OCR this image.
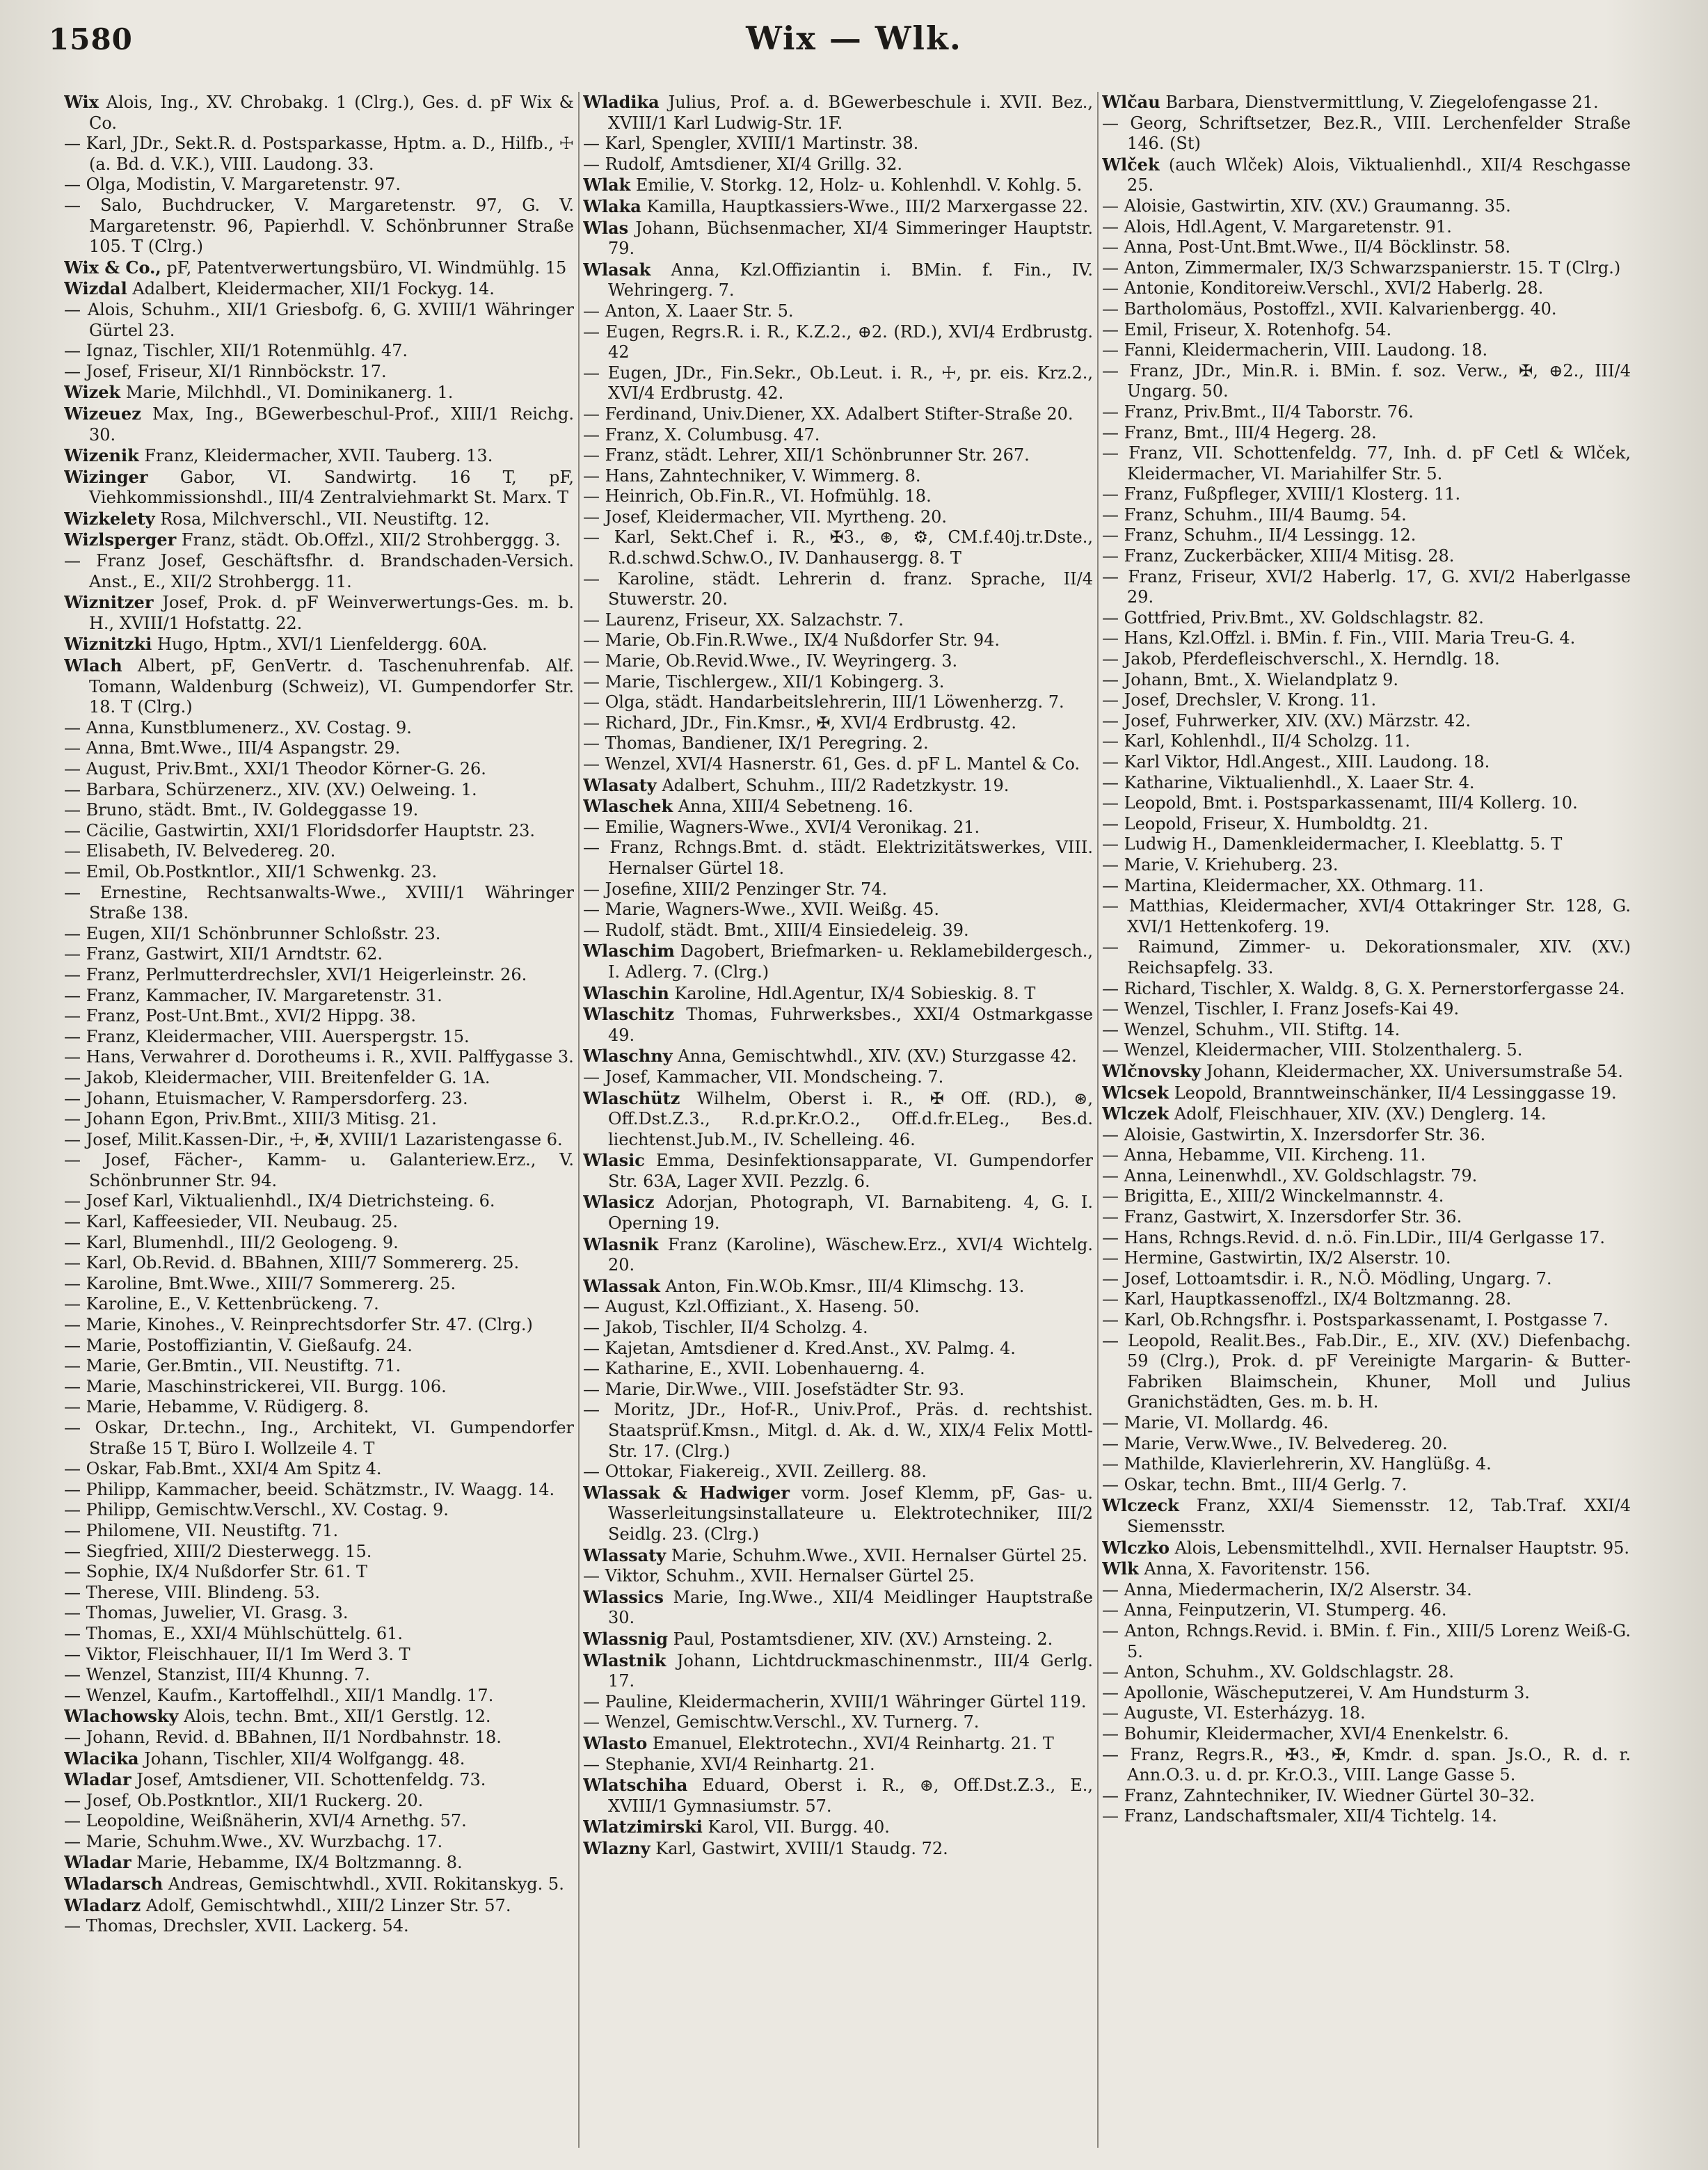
1580	Wix — Wlk.

Wix Alois, Ing., XV. Chrobakg. 1 (Clrg.), Ges. d. pF Wix & Co.

— Karl, JDr., Sekt.R. d. Postsparkasse, Hptm. a. D., Hilfb., ☩ (a. Bd. d. V.K.), VIII. Laudong. 33.

— Olga, Modistin, V. Margaretenstr. 97.

— Salo, Buchdrucker, V. Margaretenstr. 97, G. V. Margaretenstr. 96, Papierhdl. V. Schönbrunner Straße 105. T (Clrg.)

Wix & Co., pF, Patentverwertungsbüro, VI. Windmühlg. 15

Wizdal Adalbert, Kleidermacher, XII/1 Fockyg. 14.

— Alois, Schuhm., XII/1 Griesbofg. 6, G. XVIII/1 Währinger Gürtel 23.

— Ignaz, Tischler, XII/1 Rotenmühlg. 47.

— Josef, Friseur, XI/1 Rinnböckstr. 17.

Wizek Marie, Milchhdl., VI. Dominikanerg. 1.

Wizeuez Max, Ing., BGewerbeschul-Prof., XIII/1 Reichg. 30.

Wizenik Franz, Kleidermacher, XVII. Tauberg. 13.

Wizinger Gabor, VI. Sandwirtg. 16 T, pF, Viehkommissionshdl., III/4 Zentralviehmarkt St. Marx. T

Wizkelety Rosa, Milchverschl., VII. Neustiftg. 12.

Wizlsperger Franz, städt. Ob.Offzl., XII/2 Strohberggg. 3.

— Franz Josef, Geschäftsfhr. d. Brandschaden-Versich. Anst., E., XII/2 Strohbergg. 11.

Wiznitzer Josef, Prok. d. pF Weinverwertungs-Ges. m. b. H., XVIII/1 Hofstattg. 22.

Wiznitzki Hugo, Hptm., XVI/1 Lienfeldergg. 60A.

Wlach Albert, pF, GenVertr. d. Taschenuhrenfab. Alf. Tomann, Waldenburg (Schweiz), VI. Gumpendorfer Str. 18. T (Clrg.)

— Anna, Kunstblumenerz., XV. Costag. 9.

— Anna, Bmt.Wwe., III/4 Aspangstr. 29.

— August, Priv.Bmt., XXI/1 Theodor Körner-G. 26.

— Barbara, Schürzenerz., XIV. (XV.) Oelweing. 1.

— Bruno, städt. Bmt., IV. Goldeggasse 19.

— Cäcilie, Gastwirtin, XXI/1 Floridsdorfer Hauptstr. 23.

— Elisabeth, IV. Belvedereg. 20.

— Emil, Ob.Postkntlor., XII/1 Schwenkg. 23.

— Ernestine, Rechtsanwalts-Wwe., XVIII/1 Währinger Straße 138.

— Eugen, XII/1 Schönbrunner Schloßstr. 23.

— Franz, Gastwirt, XII/1 Arndtstr. 62.

— Franz, Perlmutterdrechsler, XVI/1 Heigerleinstr. 26.

— Franz, Kammacher, IV. Margaretenstr. 31.

— Franz, Post-Unt.Bmt., XVI/2 Hippg. 38.

— Franz, Kleidermacher, VIII. Auerspergstr. 15.

— Hans, Verwahrer d. Dorotheums i. R., XVII. Palffygasse 3.

— Jakob, Kleidermacher, VIII. Breitenfelder G. 1A.

— Johann, Etuismacher, V. Rampersdorferg. 23.

— Johann Egon, Priv.Bmt., XIII/3 Mitisg. 21.

— Josef, Milit.Kassen-Dir., ☩, ✠, XVIII/1 Lazaristengasse 6.

— Josef, Fächer-, Kamm- u. Galanteriew.Erz., V. Schönbrunner Str. 94.

— Josef Karl, Viktualienhdl., IX/4 Dietrichsteing. 6.

— Karl, Kaffeesieder, VII. Neubaug. 25.

— Karl, Blumenhdl., III/2 Geologeng. 9.

— Karl, Ob.Revid. d. BBahnen, XIII/7 Sommererg. 25.

— Karoline, Bmt.Wwe., XIII/7 Sommererg. 25.

— Karoline, E., V. Kettenbrückeng. 7.

— Marie, Kinohes., V. Reinprechtsdorfer Str. 47. (Clrg.)

— Marie, Postoffiziantin, V. Gießaufg. 24.

— Marie, Ger.Bmtin., VII. Neustiftg. 71.

— Marie, Maschinstrickerei, VII. Burgg. 106.

— Marie, Hebamme, V. Rüdigerg. 8.

— Oskar, Dr.techn., Ing., Architekt, VI. Gumpendorfer Straße 15 T, Büro I. Wollzeile 4. T

— Oskar, Fab.Bmt., XXI/4 Am Spitz 4.

— Philipp, Kammacher, beeid. Schätzmstr., IV. Waagg. 14.

— Philipp, Gemischtw.Verschl., XV. Costag. 9.

— Philomene, VII. Neustiftg. 71.

— Siegfried, XIII/2 Diesterwegg. 15.

— Sophie, IX/4 Nußdorfer Str. 61. T

— Therese, VIII. Blindeng. 53.

— Thomas, Juwelier, VI. Grasg. 3.

— Thomas, E., XXI/4 Mühlschüttelg. 61.

— Viktor, Fleischhauer, II/1 Im Werd 3. T

— Wenzel, Stanzist, III/4 Khunng. 7.

— Wenzel, Kaufm., Kartoffelhdl., XII/1 Mandlg. 17.

Wlachowsky Alois, techn. Bmt., XII/1 Gerstlg. 12.

— Johann, Revid. d. BBahnen, II/1 Nordbahnstr. 18.

Wlacika Johann, Tischler, XII/4 Wolfgangg. 48.

Wladar Josef, Amtsdiener, VII. Schottenfeldg. 73.

— Josef, Ob.Postkntlor., XII/1 Ruckerg. 20.

— Leopoldine, Weißnäherin, XVI/4 Arnethg. 57.

— Marie, Schuhm.Wwe., XV. Wurzbachg. 17.

Wladar Marie, Hebamme, IX/4 Boltzmanng. 8.

Wladarsch Andreas, Gemischtwhdl., XVII. Rokitanskyg. 5.

Wladarz Adolf, Gemischtwhdl., XIII/2 Linzer Str. 57.

— Thomas, Drechsler, XVII. Lackerg. 54.

Wladika Julius, Prof. a. d. BGewerbeschule i. XVII. Bez., XVIII/1 Karl Ludwig-Str. 1F.

— Karl, Spengler, XVIII/1 Martinstr. 38.

— Rudolf, Amtsdiener, XI/4 Grillg. 32.

Wlak Emilie, V. Storkg. 12, Holz- u. Kohlenhdl. V. Kohlg. 5.

Wlaka Kamilla, Hauptkassiers-Wwe., III/2 Marxergasse 22.

Wlas Johann, Büchsenmacher, XI/4 Simmeringer Hauptstr. 79.

Wlasak Anna, Kzl.Offiziantin i. BMin. f. Fin., IV. Wehringerg. 7.

— Anton, X. Laaer Str. 5.

— Eugen, Regrs.R. i. R., K.Z.2., ⊕2. (RD.), XVI/4 Erdbrustg. 42

— Eugen, JDr., Fin.Sekr., Ob.Leut. i. R., ☩, pr. eis. Krz.2., XVI/4 Erdbrustg. 42.

— Ferdinand, Univ.Diener, XX. Adalbert Stifter-Straße 20.

— Franz, X. Columbusg. 47.

— Franz, städt. Lehrer, XII/1 Schönbrunner Str. 267.

— Hans, Zahntechniker, V. Wimmerg. 8.

— Heinrich, Ob.Fin.R., VI. Hofmühlg. 18.

— Josef, Kleidermacher, VII. Myrtheng. 20.

— Karl, Sekt.Chef i. R., ✠3., ⊛, ⚙, CM.f.40j.tr.Dste., R.d.schwd.Schw.O., IV. Danhausergg. 8. T

— Karoline, städt. Lehrerin d. franz. Sprache, II/4 Stuwerstr. 20.

— Laurenz, Friseur, XX. Salzachstr. 7.

— Marie, Ob.Fin.R.Wwe., IX/4 Nußdorfer Str. 94.

— Marie, Ob.Revid.Wwe., IV. Weyringerg. 3.

— Marie, Tischlergew., XII/1 Kobingerg. 3.

— Olga, städt. Handarbeitslehrerin, III/1 Löwenherzg. 7.

— Richard, JDr., Fin.Kmsr., ✠, XVI/4 Erdbrustg. 42.

— Thomas, Bandiener, IX/1 Peregring. 2.

— Wenzel, XVI/4 Hasnerstr. 61, Ges. d. pF L. Mantel & Co.

Wlasaty Adalbert, Schuhm., III/2 Radetzkystr. 19.

Wlaschek Anna, XIII/4 Sebetneng. 16.

— Emilie, Wagners-Wwe., XVI/4 Veronikag. 21.

— Franz, Rchngs.Bmt. d. städt. Elektrizitätswerkes, VIII. Hernalser Gürtel 18.

— Josefine, XIII/2 Penzinger Str. 74.

— Marie, Wagners-Wwe., XVII. Weißg. 45.

— Rudolf, städt. Bmt., XIII/4 Einsiedeleig. 39.

Wlaschim Dagobert, Briefmarken- u. Reklamebildergesch., I. Adlerg. 7. (Clrg.)

Wlaschin Karoline, Hdl.Agentur, IX/4 Sobieskig. 8. T

Wlaschitz Thomas, Fuhrwerksbes., XXI/4 Ostmarkgasse 49.

Wlaschny Anna, Gemischtwhdl., XIV. (XV.) Sturzgasse 42.

— Josef, Kammacher, VII. Mondscheing. 7.

Wlaschütz Wilhelm, Oberst i. R., ✠ Off. (RD.), ⊛, Off.Dst.Z.3., R.d.pr.Kr.O.2., Off.d.fr.ELeg., Bes.d. liechtenst.Jub.M., IV. Schelleing. 46.

Wlasic Emma, Desinfektionsapparate, VI. Gumpendorfer Str. 63A, Lager XVII. Pezzlg. 6.

Wlasicz Adorjan, Photograph, VI. Barnabiteng. 4, G. I. Operning 19.

Wlasnik Franz (Karoline), Wäschew.Erz., XVI/4 Wichtelg. 20.

Wlassak Anton, Fin.W.Ob.Kmsr., III/4 Klimschg. 13.

— August, Kzl.Offiziant., X. Haseng. 50.

— Jakob, Tischler, II/4 Scholzg. 4.

— Kajetan, Amtsdiener d. Kred.Anst., XV. Palmg. 4.

— Katharine, E., XVII. Lobenhauerng. 4.

— Marie, Dir.Wwe., VIII. Josefstädter Str. 93.

— Moritz, JDr., Hof-R., Univ.Prof., Präs. d. rechtshist. Staatsprüf.Kmsn., Mitgl. d. Ak. d. W., XIX/4 Felix Mottl-Str. 17. (Clrg.)

— Ottokar, Fiakereig., XVII. Zeillerg. 88.

Wlassak & Hadwiger vorm. Josef Klemm, pF, Gas- u. Wasserleitungsinstallateure u. Elektrotechniker, III/2 Seidlg. 23. (Clrg.)

Wlassaty Marie, Schuhm.Wwe., XVII. Hernalser Gürtel 25.

— Viktor, Schuhm., XVII. Hernalser Gürtel 25.

Wlassics Marie, Ing.Wwe., XII/4 Meidlinger Hauptstraße 30.

Wlassnig Paul, Postamtsdiener, XIV. (XV.) Arnsteing. 2.

Wlastnik Johann, Lichtdruckmaschinenmstr., III/4 Gerlg. 17.

— Pauline, Kleidermacherin, XVIII/1 Währinger Gürtel 119.

— Wenzel, Gemischtw.Verschl., XV. Turnerg. 7.

Wlasto Emanuel, Elektrotechn., XVI/4 Reinhartg. 21. T

— Stephanie, XVI/4 Reinhartg. 21.

Wlatschiha Eduard, Oberst i. R., ⊛, Off.Dst.Z.3., E., XVIII/1 Gymnasiumstr. 57.

Wlatzimirski Karol, VII. Burgg. 40.

Wlazny Karl, Gastwirt, XVIII/1 Staudg. 72.

Wlčau Barbara, Dienstvermittlung, V. Ziegelofengasse 21.

— Georg, Schriftsetzer, Bez.R., VIII. Lerchenfelder Straße 146. (St)

Wlček (auch Wlček) Alois, Viktualienhdl., XII/4 Reschgasse 25.

— Aloisie, Gastwirtin, XIV. (XV.) Graumanng. 35.

— Alois, Hdl.Agent, V. Margaretenstr. 91.

— Anna, Post-Unt.Bmt.Wwe., II/4 Böcklinstr. 58.

— Anton, Zimmermaler, IX/3 Schwarzspanierstr. 15. T (Clrg.)

— Antonie, Konditoreiw.Verschl., XVI/2 Haberlg. 28.

— Bartholomäus, Postoffzl., XVII. Kalvarienbergg. 40.

— Emil, Friseur, X. Rotenhofg. 54.

— Fanni, Kleidermacherin, VIII. Laudong. 18.

— Franz, JDr., Min.R. i. BMin. f. soz. Verw., ✠, ⊕2., III/4 Ungarg. 50.

— Franz, Priv.Bmt., II/4 Taborstr. 76.

— Franz, Bmt., III/4 Hegerg. 28.

— Franz, VII. Schottenfeldg. 77, Inh. d. pF Cetl & Wlček, Kleidermacher, VI. Mariahilfer Str. 5.

— Franz, Fußpfleger, XVIII/1 Klosterg. 11.

— Franz, Schuhm., III/4 Baumg. 54.

— Franz, Schuhm., II/4 Lessingg. 12.

— Franz, Zuckerbäcker, XIII/4 Mitisg. 28.

— Franz, Friseur, XVI/2 Haberlg. 17, G. XVI/2 Haberlgasse 29.

— Gottfried, Priv.Bmt., XV. Goldschlagstr. 82.

— Hans, Kzl.Offzl. i. BMin. f. Fin., VIII. Maria Treu-G. 4.

— Jakob, Pferdefleischverschl., X. Herndlg. 18.

— Johann, Bmt., X. Wielandplatz 9.

— Josef, Drechsler, V. Krong. 11.

— Josef, Fuhrwerker, XIV. (XV.) Märzstr. 42.

— Karl, Kohlenhdl., II/4 Scholzg. 11.

— Karl Viktor, Hdl.Angest., XIII. Laudong. 18.

— Katharine, Viktualienhdl., X. Laaer Str. 4.

— Leopold, Bmt. i. Postsparkassenamt, III/4 Kollerg. 10.

— Leopold, Friseur, X. Humboldtg. 21.

— Ludwig H., Damenkleidermacher, I. Kleeblattg. 5. T

— Marie, V. Kriehuberg. 23.

— Martina, Kleidermacher, XX. Othmarg. 11.

— Matthias, Kleidermacher, XVI/4 Ottakringer Str. 128, G. XVI/1 Hettenkoferg. 19.

— Raimund, Zimmer- u. Dekorationsmaler, XIV. (XV.) Reichsapfelg. 33.

— Richard, Tischler, X. Waldg. 8, G. X. Pernerstorfergasse 24.

— Wenzel, Tischler, I. Franz Josefs-Kai 49.

— Wenzel, Schuhm., VII. Stiftg. 14.

— Wenzel, Kleidermacher, VIII. Stolzenthalerg. 5.

Wlčnovsky Johann, Kleidermacher, XX. Universumstraße 54.

Wlcsek Leopold, Branntweinschänker, II/4 Lessinggasse 19.

Wlczek Adolf, Fleischhauer, XIV. (XV.) Denglerg. 14.

— Aloisie, Gastwirtin, X. Inzersdorfer Str. 36.

— Anna, Hebamme, VII. Kircheng. 11.

— Anna, Leinenwhdl., XV. Goldschlagstr. 79.

— Brigitta, E., XIII/2 Winckelmannstr. 4.

— Franz, Gastwirt, X. Inzersdorfer Str. 36.

— Hans, Rchngs.Revid. d. n.ö. Fin.LDir., III/4 Gerlgasse 17.

— Hermine, Gastwirtin, IX/2 Alserstr. 10.

— Josef, Lottoamtsdir. i. R., N.Ö. Mödling, Ungarg. 7.

— Karl, Hauptkassenoffzl., IX/4 Boltzmanng. 28.

— Karl, Ob.Rchngsfhr. i. Postsparkassenamt, I. Postgasse 7.

— Leopold, Realit.Bes., Fab.Dir., E., XIV. (XV.) Diefenbachg. 59 (Clrg.), Prok. d. pF Vereinigte Margarin- & Butter-Fabriken Blaimschein, Khuner, Moll und Julius Granichstädten, Ges. m. b. H.

— Marie, VI. Mollardg. 46.

— Marie, Verw.Wwe., IV. Belvedereg. 20.

— Mathilde, Klavierlehrerin, XV. Hanglüßg. 4.

— Oskar, techn. Bmt., III/4 Gerlg. 7.

Wlczeck Franz, XXI/4 Siemensstr. 12, Tab.Traf. XXI/4 Siemensstr.

Wlczko Alois, Lebensmittelhdl., XVII. Hernalser Hauptstr. 95.

Wlk Anna, X. Favoritenstr. 156.

— Anna, Miedermacherin, IX/2 Alserstr. 34.

— Anna, Feinputzerin, VI. Stumperg. 46.

— Anton, Rchngs.Revid. i. BMin. f. Fin., XIII/5 Lorenz Weiß-G. 5.

— Anton, Schuhm., XV. Goldschlagstr. 28.

— Apollonie, Wäscheputzerei, V. Am Hundsturm 3.

— Auguste, VI. Esterházyg. 18.

— Bohumir, Kleidermacher, XVI/4 Enenkelstr. 6.

— Franz, Regrs.R., ✠3., ✠, Kmdr. d. span. Js.O., R. d. r. Ann.O.3. u. d. pr. Kr.O.3., VIII. Lange Gasse 5.

— Franz, Zahntechniker, IV. Wiedner Gürtel 30–32.

— Franz, Landschaftsmaler, XII/4 Tichtelg. 14.
